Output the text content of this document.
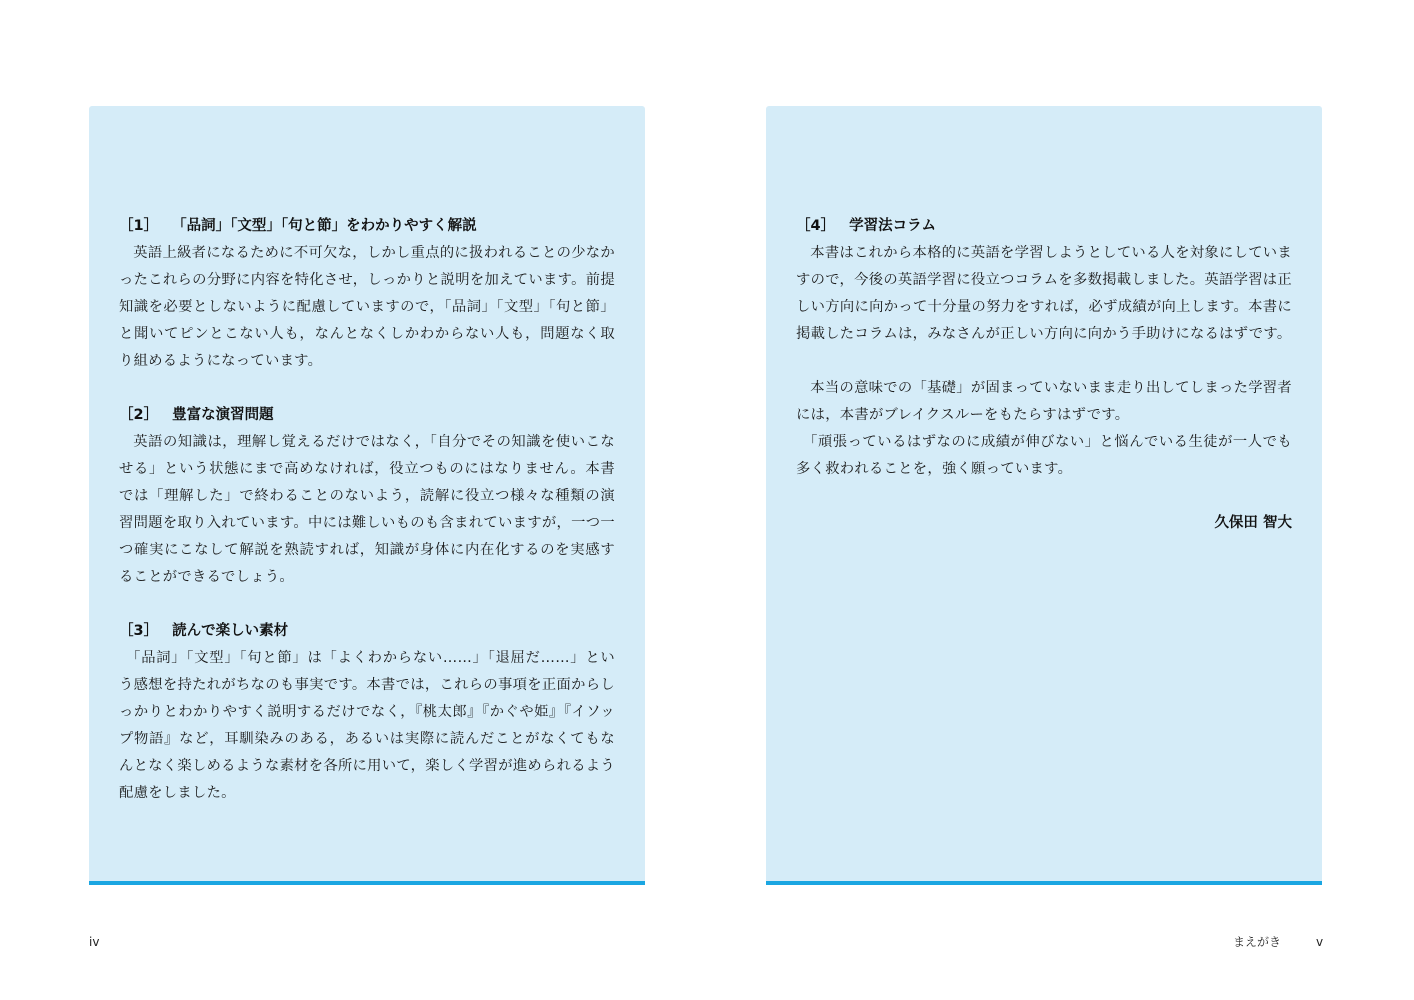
［1］ 「品詞」「文型」「句と節」をわかりやすく解説

英語上級者になるために不可欠な，しかし重点的に扱われることの少なかったこれらの分野に内容を特化させ，しっかりと説明を加えています。前提知識を必要としないように配慮していますので，「品詞」「文型」「句と節」と聞いてピンとこない人も，なんとなくしかわからない人も，問題なく取り組めるようになっています。

［2］ 豊富な演習問題

英語の知識は，理解し覚えるだけではなく，「自分でその知識を使いこなせる」という状態にまで高めなければ，役立つものにはなりません。本書では「理解した」で終わることのないよう，読解に役立つ様々な種類の演習問題を取り入れています。中には難しいものも含まれていますが，一つ一つ確実にこなして解説を熟読すれば，知識が身体に内在化するのを実感することができるでしょう。

［3］ 読んで楽しい素材

「品詞」「文型」「句と節」は「よくわからない……」「退屈だ……」という感想を持たれがちなのも事実です。本書では，これらの事項を正面からしっかりとわかりやすく説明するだけでなく，『桃太郎』『かぐや姫』『イソップ物語』など，耳馴染みのある，あるいは実際に読んだことがなくてもなんとなく楽しめるような素材を各所に用いて，楽しく学習が進められるよう配慮をしました。

［4］ 学習法コラム

本書はこれから本格的に英語を学習しようとしている人を対象にしていますので，今後の英語学習に役立つコラムを多数掲載しました。英語学習は正しい方向に向かって十分量の努力をすれば，必ず成績が向上します。本書に掲載したコラムは，みなさんが正しい方向に向かう手助けになるはずです。

本当の意味での「基礎」が固まっていないまま走り出してしまった学習者には，本書がブレイクスルーをもたらすはずです。

「頑張っているはずなのに成績が伸びない」と悩んでいる生徒が一人でも多く救われることを，強く願っています。

久保田 智大
iv	まえがき	v
